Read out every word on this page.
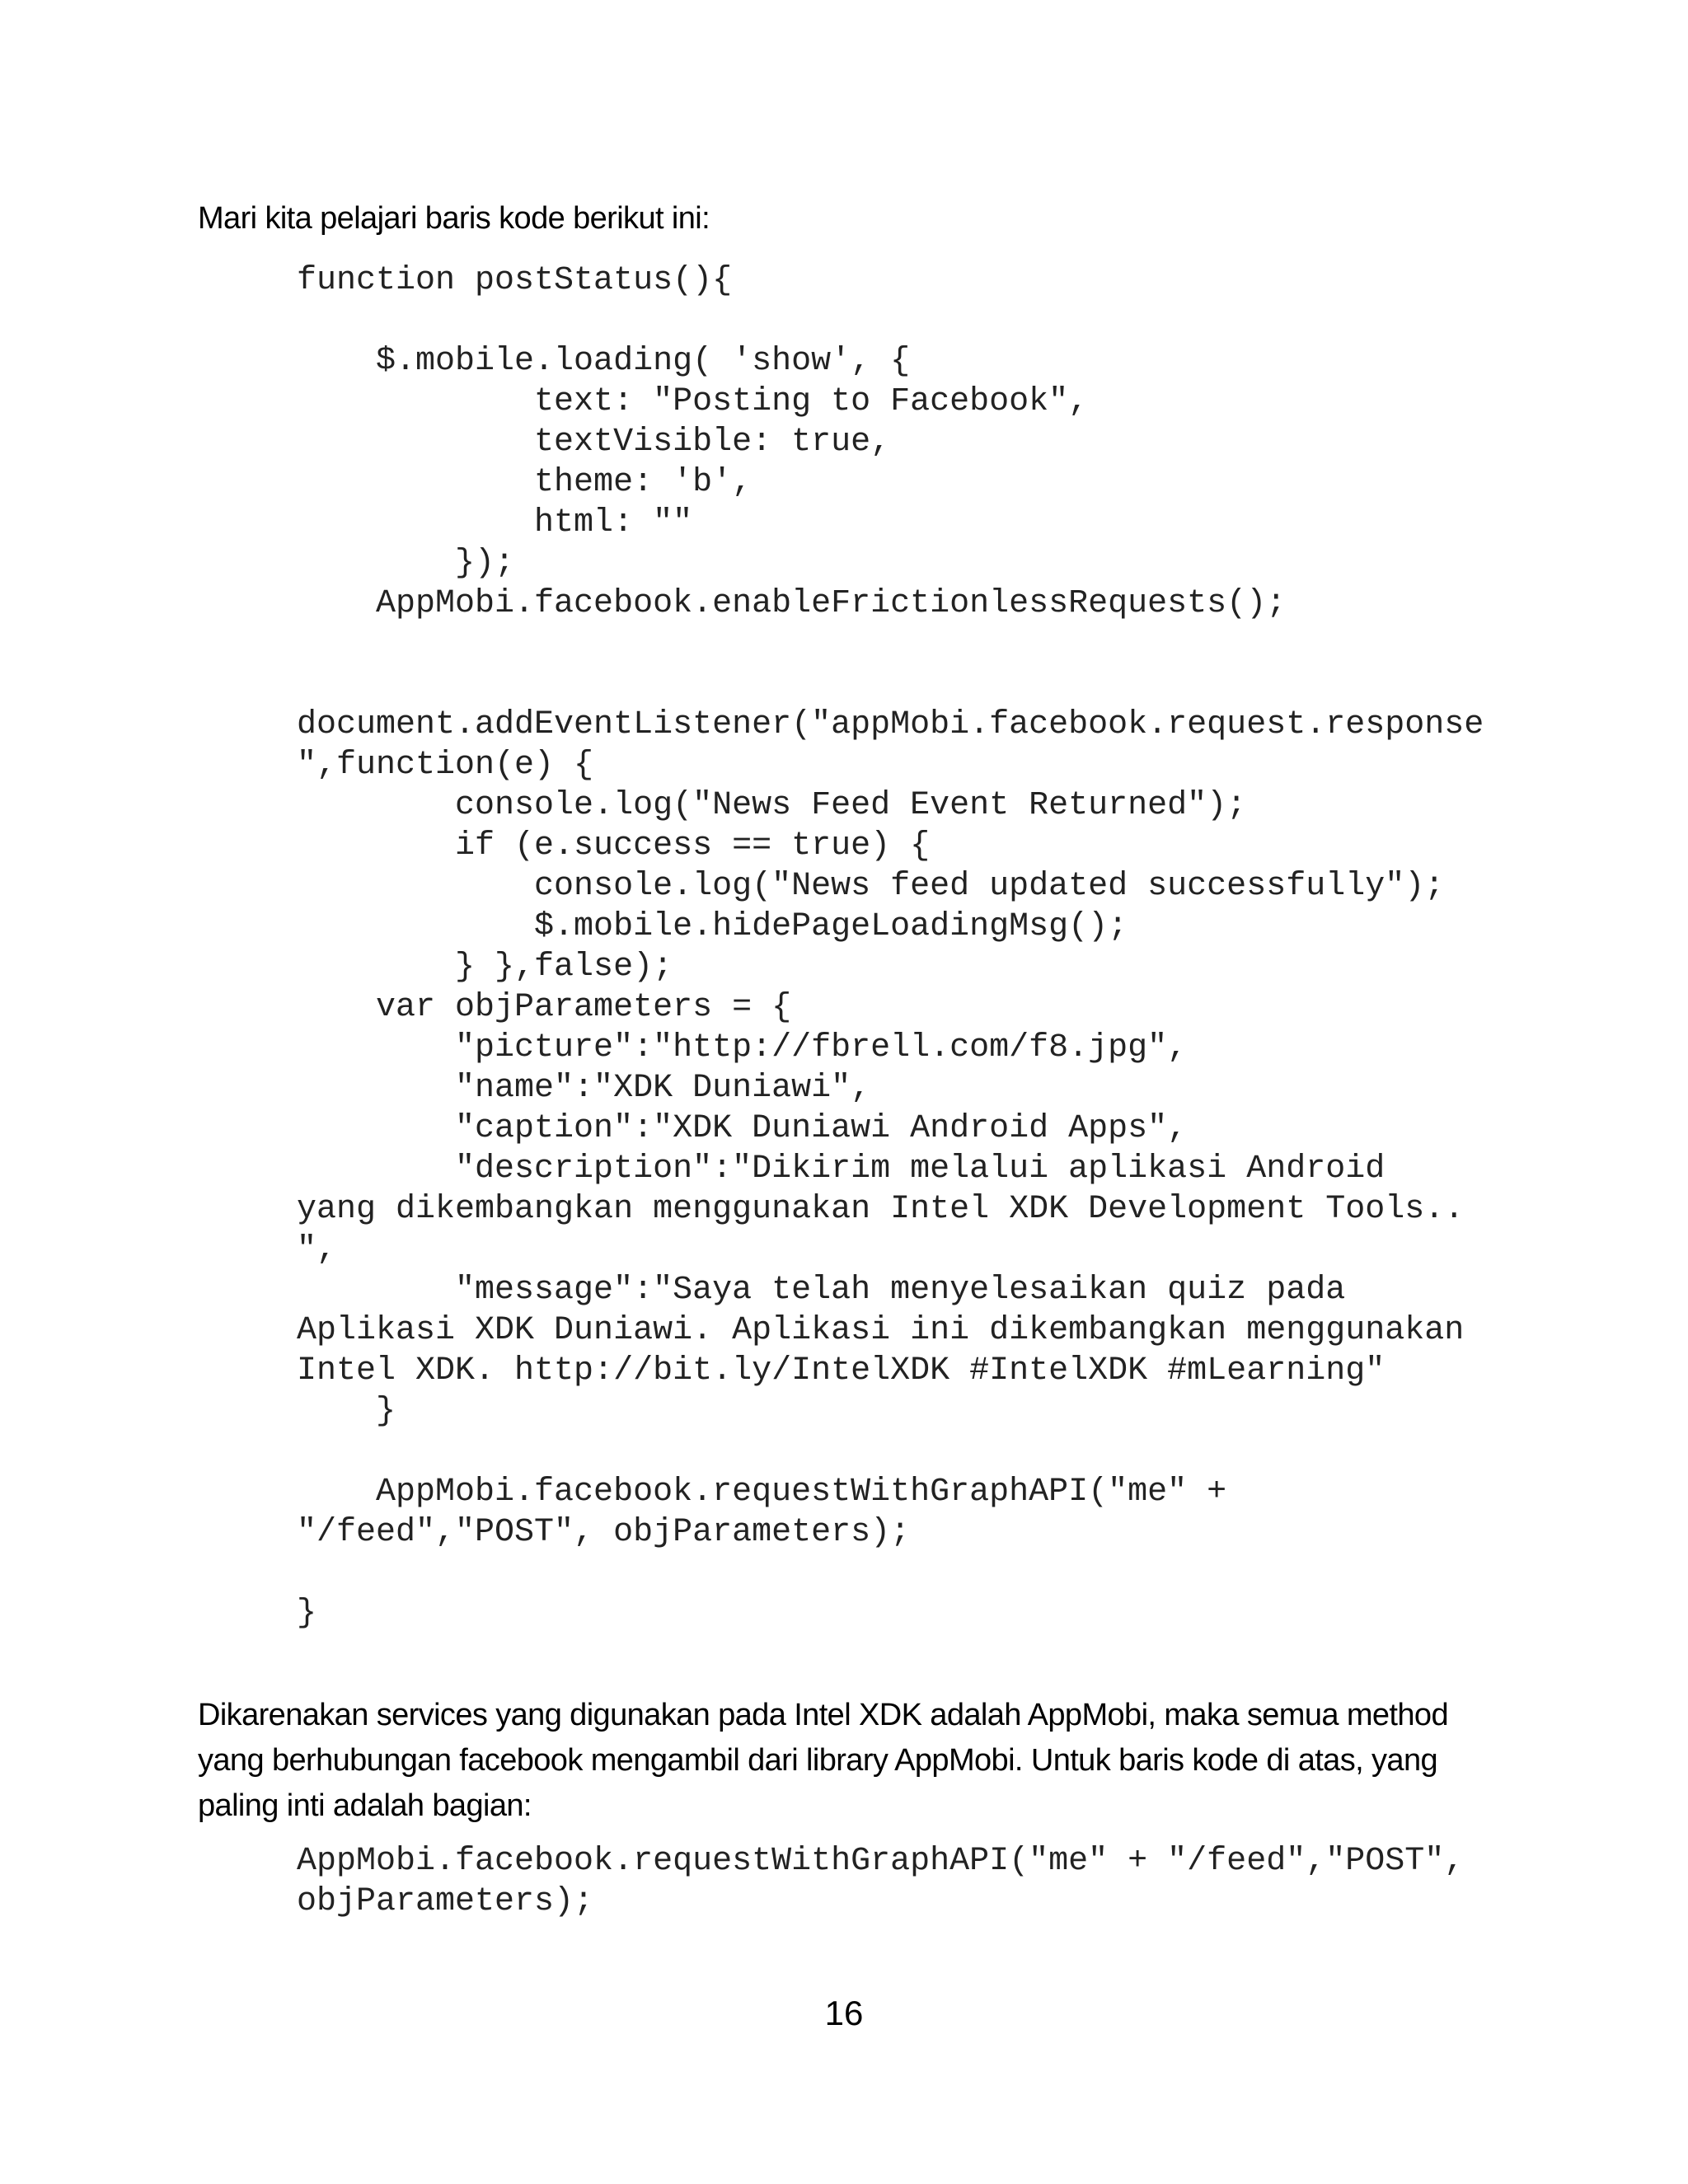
Mari kita pelajari baris kode berikut ini:

function postStatus(){

$.mobile.loading( 'show', {
text: "Posting to Facebook",
textVisible: true,
theme: 'b',
html: ""
});
AppMobi.facebook.enableFrictionlessRequests();

document.addEventListener("appMobi.facebook.request.response
",function(e) {
console.log("News Feed Event Returned");
if (e.success == true) {
console.log("News feed updated successfully");
$.mobile.hidePageLoadingMsg();
} },false);
var objParameters = {
"picture":"http://fbrell.com/f8.jpg",
"name":"XDK Duniawi",
"caption":"XDK Duniawi Android Apps",
"description":"Dikirim melalui aplikasi Android
yang dikembangkan menggunakan Intel XDK Development Tools..
",
"message":"Saya telah menyelesaikan quiz pada
Aplikasi XDK Duniawi. Aplikasi ini dikembangkan menggunakan
Intel XDK. http://bit.ly/IntelXDK #IntelXDK #mLearning"
}

AppMobi.facebook.requestWithGraphAPI("me" +
"/feed","POST", objParameters);

}
Dikarenakan services yang digunakan pada Intel XDK adalah AppMobi, maka semua method
yang berhubungan facebook mengambil dari library AppMobi. Untuk baris kode di atas, yang
paling inti adalah bagian:
AppMobi.facebook.requestWithGraphAPI("me" + "/feed","POST",
objParameters);

16
